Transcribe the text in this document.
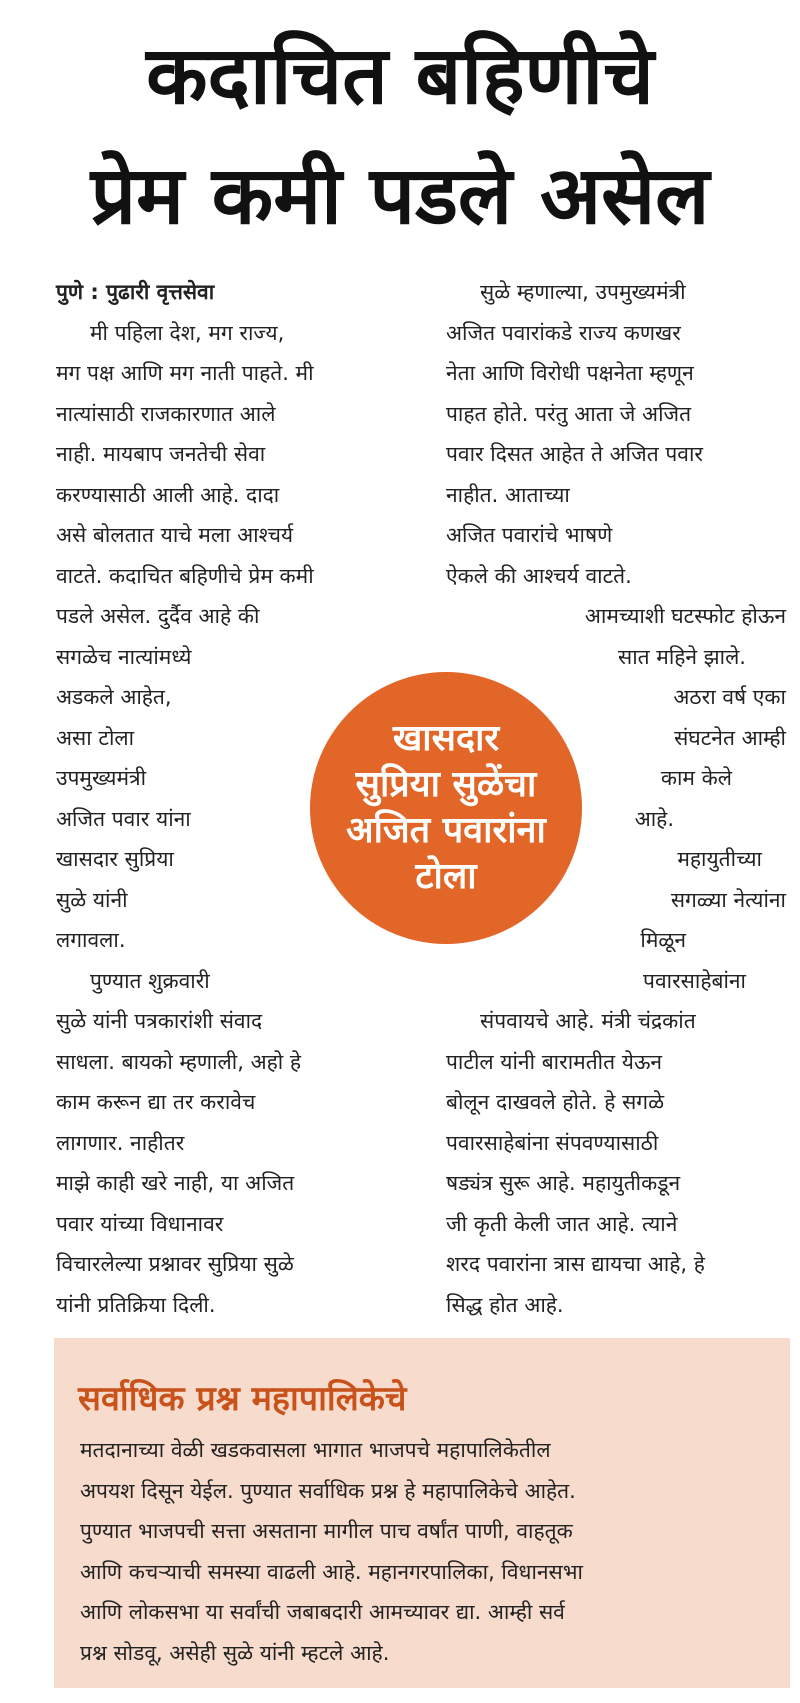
कदाचित बहिणीचे
प्रेम कमी पडले असेल
पुणे : पुढारी वृत्तसेवा
मी पहिला देश, मग राज्य,
मग पक्ष आणि मग नाती पाहते. मी
नात्यांसाठी राजकारणात आले
नाही. मायबाप जनतेची सेवा
करण्यासाठी आली आहे. दादा
असे बोलतात याचे मला आश्चर्य
वाटते. कदाचित बहिणीचे प्रेम कमी
पडले असेल. दुर्दैव आहे की
सगळेच नात्यांमध्ये
अडकले आहेत,
असा टोला
उपमुख्यमंत्री
अजित पवार यांना
खासदार सुप्रिया
सुळे यांनी
लगावला.
पुण्यात शुक्रवारी
सुळे यांनी पत्रकारांशी संवाद
साधला. बायको म्हणाली, अहो हे
काम करून द्या तर करावेच
लागणार. नाहीतर
माझे काही खरे नाही, या अजित
पवार यांच्या विधानावर
विचारलेल्या प्रश्नावर सुप्रिया सुळे
यांनी प्रतिक्रिया दिली.
सुळे म्हणाल्या, उपमुख्यमंत्री
अजित पवारांकडे राज्य कणखर
नेता आणि विरोधी पक्षनेता म्हणून
पाहत होते. परंतु आता जे अजित
पवार दिसत आहेत ते अजित पवार
नाहीत. आताच्या
अजित पवारांचे भाषणे
ऐकले की आश्चर्य वाटते.
आमच्याशी घटस्फोट होऊन
सात महिने झाले.
अठरा वर्ष एका
संघटनेत आम्ही
काम केले
आहे.
महायुतीच्या
सगळ्या नेत्यांना
मिळून
पवारसाहेबांना
संपवायचे आहे. मंत्री चंद्रकांत
पाटील यांनी बारामतीत येऊन
बोलून दाखवले होते. हे सगळे
पवारसाहेबांना संपवण्यासाठी
षड्यंत्र सुरू आहे. महायुतीकडून
जी कृती केली जात आहे. त्याने
शरद पवारांना त्रास द्यायचा आहे, हे
सिद्ध होत आहे.
खासदार
सुप्रिया सुळेंचा
अजित पवारांना
टोला
सर्वाधिक प्रश्न महापालिकेचे
मतदानाच्या वेळी खडकवासला भागात भाजपचे महापालिकेतील
अपयश दिसून येईल. पुण्यात सर्वाधिक प्रश्न हे महापालिकेचे आहेत.
पुण्यात भाजपची सत्ता असताना मागील पाच वर्षांत पाणी, वाहतूक
आणि कचऱ्याची समस्या वाढली आहे. महानगरपालिका, विधानसभा
आणि लोकसभा या सर्वांची जबाबदारी आमच्यावर द्या. आम्ही सर्व
प्रश्न सोडवू, असेही सुळे यांनी म्हटले आहे.
